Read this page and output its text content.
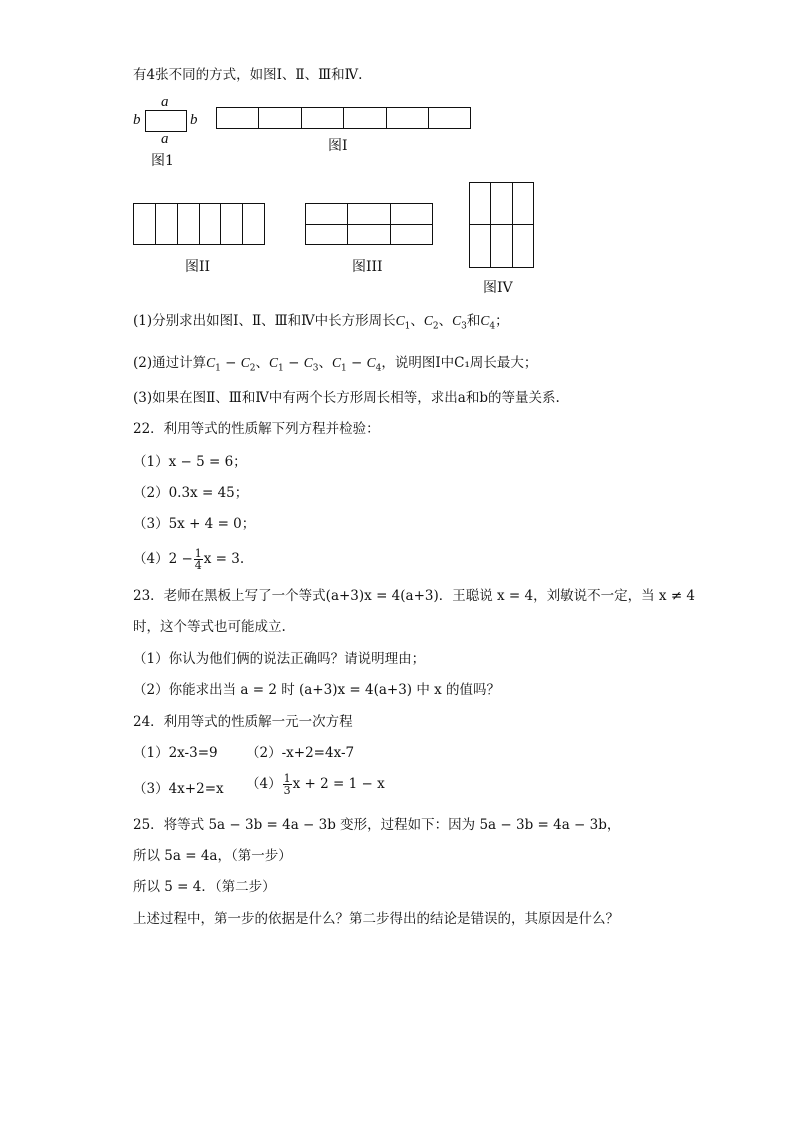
有4张不同的方式，如图Ⅰ、Ⅱ、Ⅲ和Ⅳ.
a
b	b
a
图1
图I
图II	图III
图IV
(1)分别求出如图Ⅰ、Ⅱ、Ⅲ和Ⅳ中长方形周长$C_1$、$C_2$、$C_3$和$C_4$；
(2)通过计算$C_1 - C_2$、$C_1 - C_3$、$C_1 - C_4$，说明图Ⅰ中C₁周长最大；
(3)如果在图Ⅱ、Ⅲ和Ⅳ中有两个长方形周长相等，求出a和b的等量关系.
22．利用等式的性质解下列方程并检验：
（1）x − 5 = 6；
（2）0.3x = 45；
（3）5x + 4 = 0；
$(4)2 - \frac{1}{4}$ x = 3.
23．老师在黑板上写了一个等式(a+3)x = 4(a+3)．王聪说 x = 4，刘敏说不一定，当 x ≠ 4
时，这个等式也可能成立.
（1）你认为他们俩的说法正确吗？请说明理由；
（2）你能求出当 a = 2 时 (a+3)x = 4(a+3) 中 x 的值吗？
24．利用等式的性质解一元一次方程
（1）2x-3=9 （2）-x+2=4x-7
（3）4x+2=x $(4) \frac{1}{3}$ x + 2 = 1 − x
25．将等式 5a − 3b = 4a − 3b 变形，过程如下：因为 5a − 3b = 4a − 3b，
所以 5a = 4a，（第一步）
所以 5 = 4．（第二步）
上述过程中，第一步的依据是什么？第二步得出的结论是错误的，其原因是什么？
